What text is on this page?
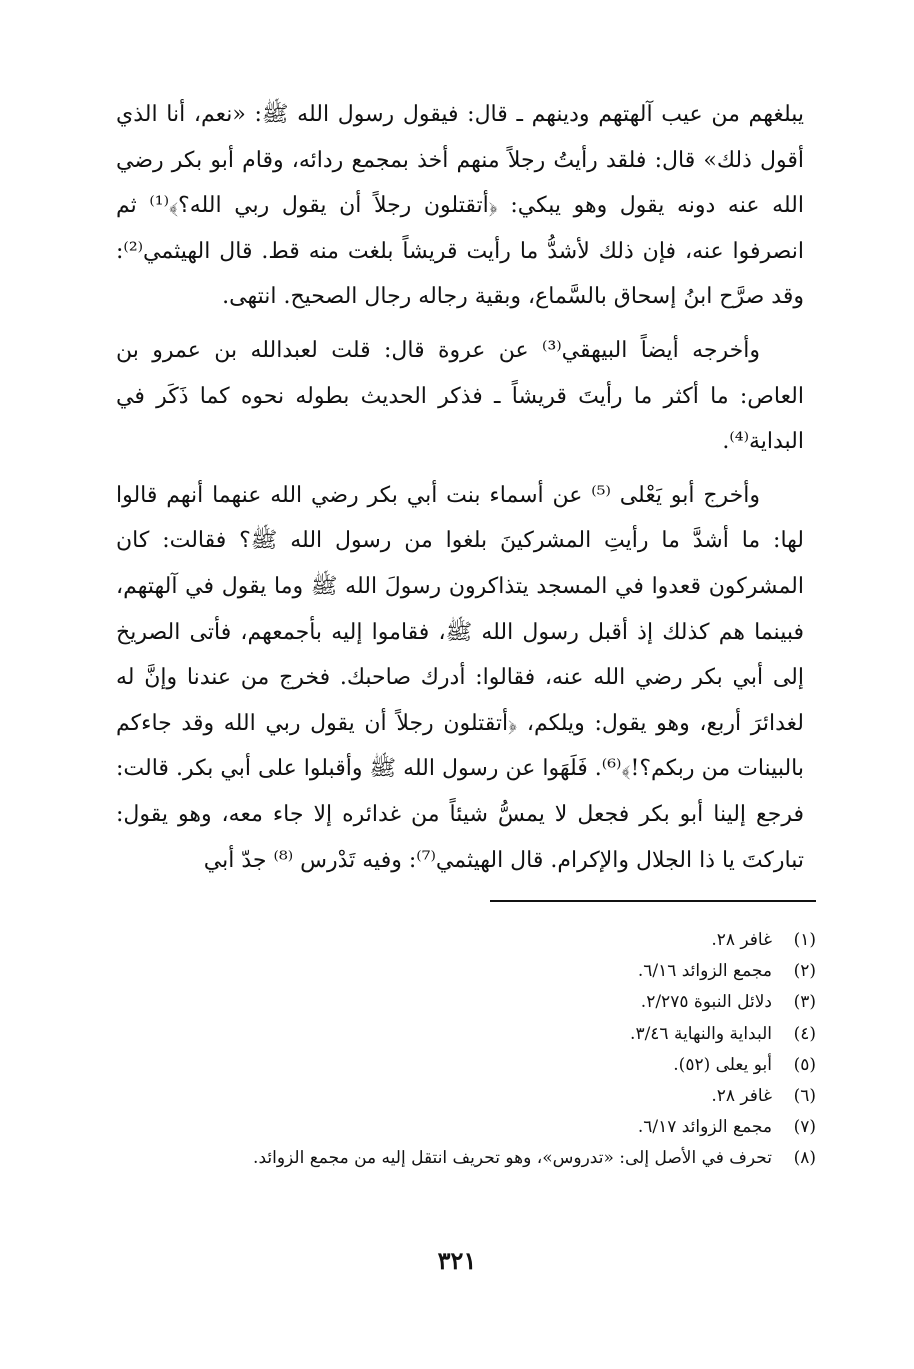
يبلغهم من عيب آلهتهم ودينهم ـ قال: فيقول رسول الله ﷺ: «نعم، أنا الذي أقول ذلك» قال: فلقد رأيتُ رجلاً منهم أخذ بمجمع ردائه، وقام أبو بكر رضي الله عنه دونه يقول وهو يبكي: ﴿أتقتلون رجلاً أن يقول ربي الله؟﴾⁽¹⁾ ثم انصرفوا عنه، فإن ذلك لأشدُّ ما رأيت قريشاً بلغت منه قط. قال الهيثمي⁽²⁾: وقد صرَّح ابنُ إسحاق بالسَّماع، وبقية رجاله رجال الصحيح. انتهى.

وأخرجه أيضاً البيهقي⁽³⁾ عن عروة قال: قلت لعبدالله بن عمرو بن العاص: ما أكثر ما رأيتَ قريشاً ـ فذكر الحديث بطوله نحوه كما ذَكَر في البداية⁽⁴⁾.

وأخرج أبو يَعْلى ⁽⁵⁾ عن أسماء بنت أبي بكر رضي الله عنهما أنهم قالوا لها: ما أشدَّ ما رأيتِ المشركينَ بلغوا من رسول الله ﷺ؟ فقالت: كان المشركون قعدوا في المسجد يتذاكرون رسولَ الله ﷺ وما يقول في آلهتهم، فبينما هم كذلك إذ أقبل رسول الله ﷺ، فقاموا إليه بأجمعهم، فأتى الصريخ إلى أبي بكر رضي الله عنه، فقالوا: أدرك صاحبك. فخرج من عندنا وإنَّ له لغدائرَ أربع، وهو يقول: ويلكم، ﴿أتقتلون رجلاً أن يقول ربي الله وقد جاءكم بالبينات من ربكم؟!﴾⁽⁶⁾. فَلَهَوا عن رسول الله ﷺ وأقبلوا على أبي بكر. قالت: فرجع إلينا أبو بكر فجعل لا يمسُّ شيئاً من غدائره إلا جاء معه، وهو يقول: تباركتَ يا ذا الجلال والإكرام. قال الهيثمي⁽⁷⁾: وفيه تَدْرس ⁽⁸⁾ جدّ أبي

(١)
غافر ٢٨.
(٢)
مجمع الزوائد ٦/١٦.
(٣)
دلائل النبوة ٢/٢٧٥.
(٤)
البداية والنهاية ٣/٤٦.
(٥)
أبو يعلى (٥٢).
(٦)
غافر ٢٨.
(٧)
مجمع الزوائد ٦/١٧.
(٨)
تحرف في الأصل إلى: «تدروس»، وهو تحريف انتقل إليه من مجمع الزوائد.
٣٢١
